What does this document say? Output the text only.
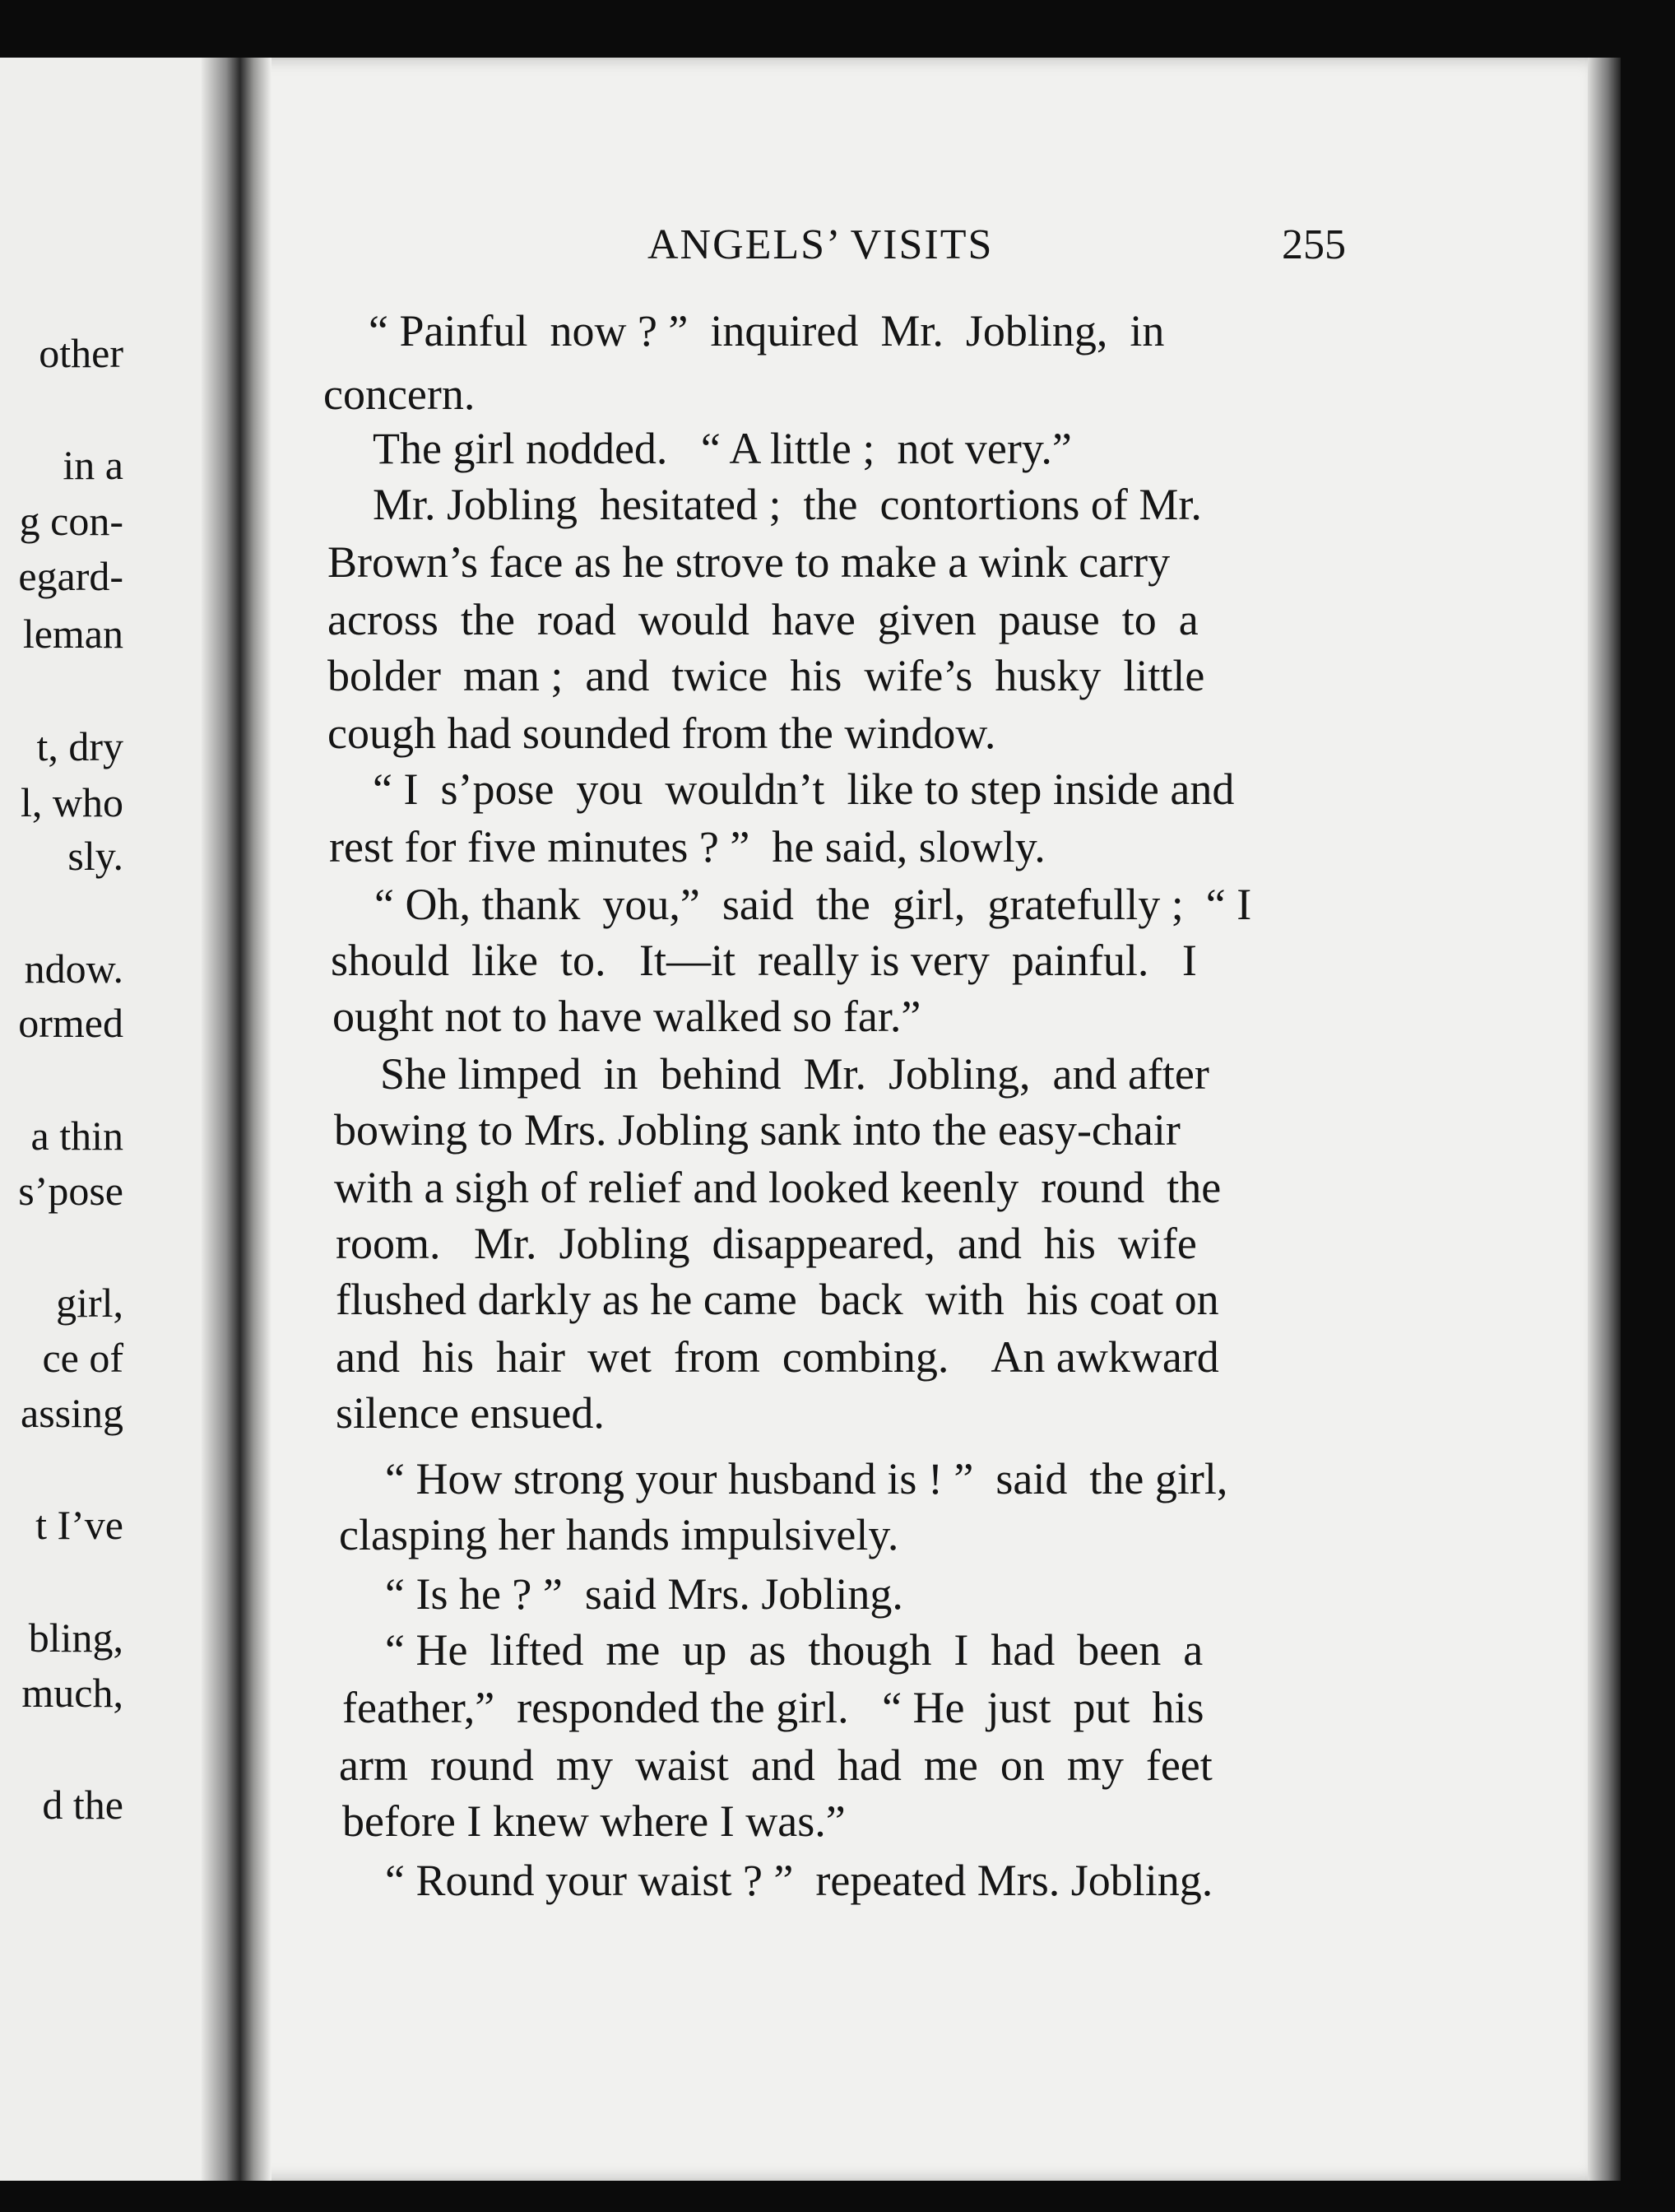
other
in a
g con-
egard-
leman
t, dry
l, who
sly.
ndow.
ormed
a thin
s’pose
girl,
ce of
assing
t I’ve
bling,
much,
d the
ANGELS’ VISITS	255
“ Painful  now ? ”  inquired  Mr.  Jobling,  in
concern.
The girl nodded.   “ A little ;  not very.”
Mr. Jobling  hesitated ;  the  contortions of Mr.
Brown’s face as he strove to make a wink carry
across  the  road  would  have  given  pause  to  a
bolder  man ;  and  twice  his  wife’s  husky  little
cough had sounded from the window.
“ I  s’pose  you  wouldn’t  like to step inside and
rest for five minutes ? ”  he said, slowly.
“ Oh, thank  you,”  said  the  girl,  gratefully ;  “ I
should  like  to.   It—it  really is very  painful.   I
ought not to have walked so far.”
She limped  in  behind  Mr.  Jobling,  and after
bowing to Mrs. Jobling sank into the easy-chair
with a sigh of relief and looked keenly  round  the
room.   Mr.  Jobling  disappeared,  and  his  wife
flushed darkly as he came  back  with  his coat on
and  his  hair  wet  from  combing.    An awkward
silence ensued.
“ How strong your husband is ! ”  said  the girl,
clasping her hands impulsively.
“ Is he ? ”  said Mrs. Jobling.
“ He  lifted  me  up  as  though  I  had  been  a
feather,”  responded the girl.   “ He  just  put  his
arm  round  my  waist  and  had  me  on  my  feet
before I knew where I was.”
“ Round your waist ? ”  repeated Mrs. Jobling.
